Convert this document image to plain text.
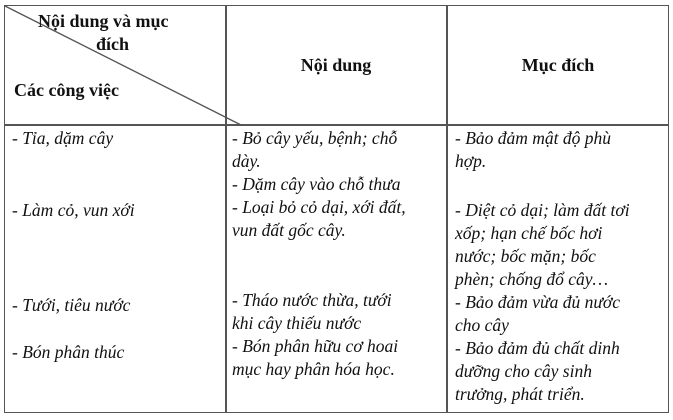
Nội dung và mục
đích
Các công việc
Nội dung	Mục đích
- Tỉa, dặm cây
- Làm cỏ, vun xới
- Tưới, tiêu nước
- Bón phân thúc
- Bỏ cây yếu, bệnh; chỗ
dày.
- Dặm cây vào chỗ thưa
- Loại bỏ cỏ dại, xới đất,
vun đất gốc cây.
- Tháo nước thừa, tưới
khi cây thiếu nước
- Bón phân hữu cơ hoai
mục hay phân hóa học.
- Bảo đảm mật độ phù
hợp.
- Diệt cỏ dại; làm đất tơi
xốp; hạn chế bốc hơi
nước; bốc mặn; bốc
phèn; chống đổ cây…
- Bảo đảm vừa đủ nước
cho cây
- Bảo đảm đủ chất dinh
dưỡng cho cây sinh
trưởng, phát triển.
